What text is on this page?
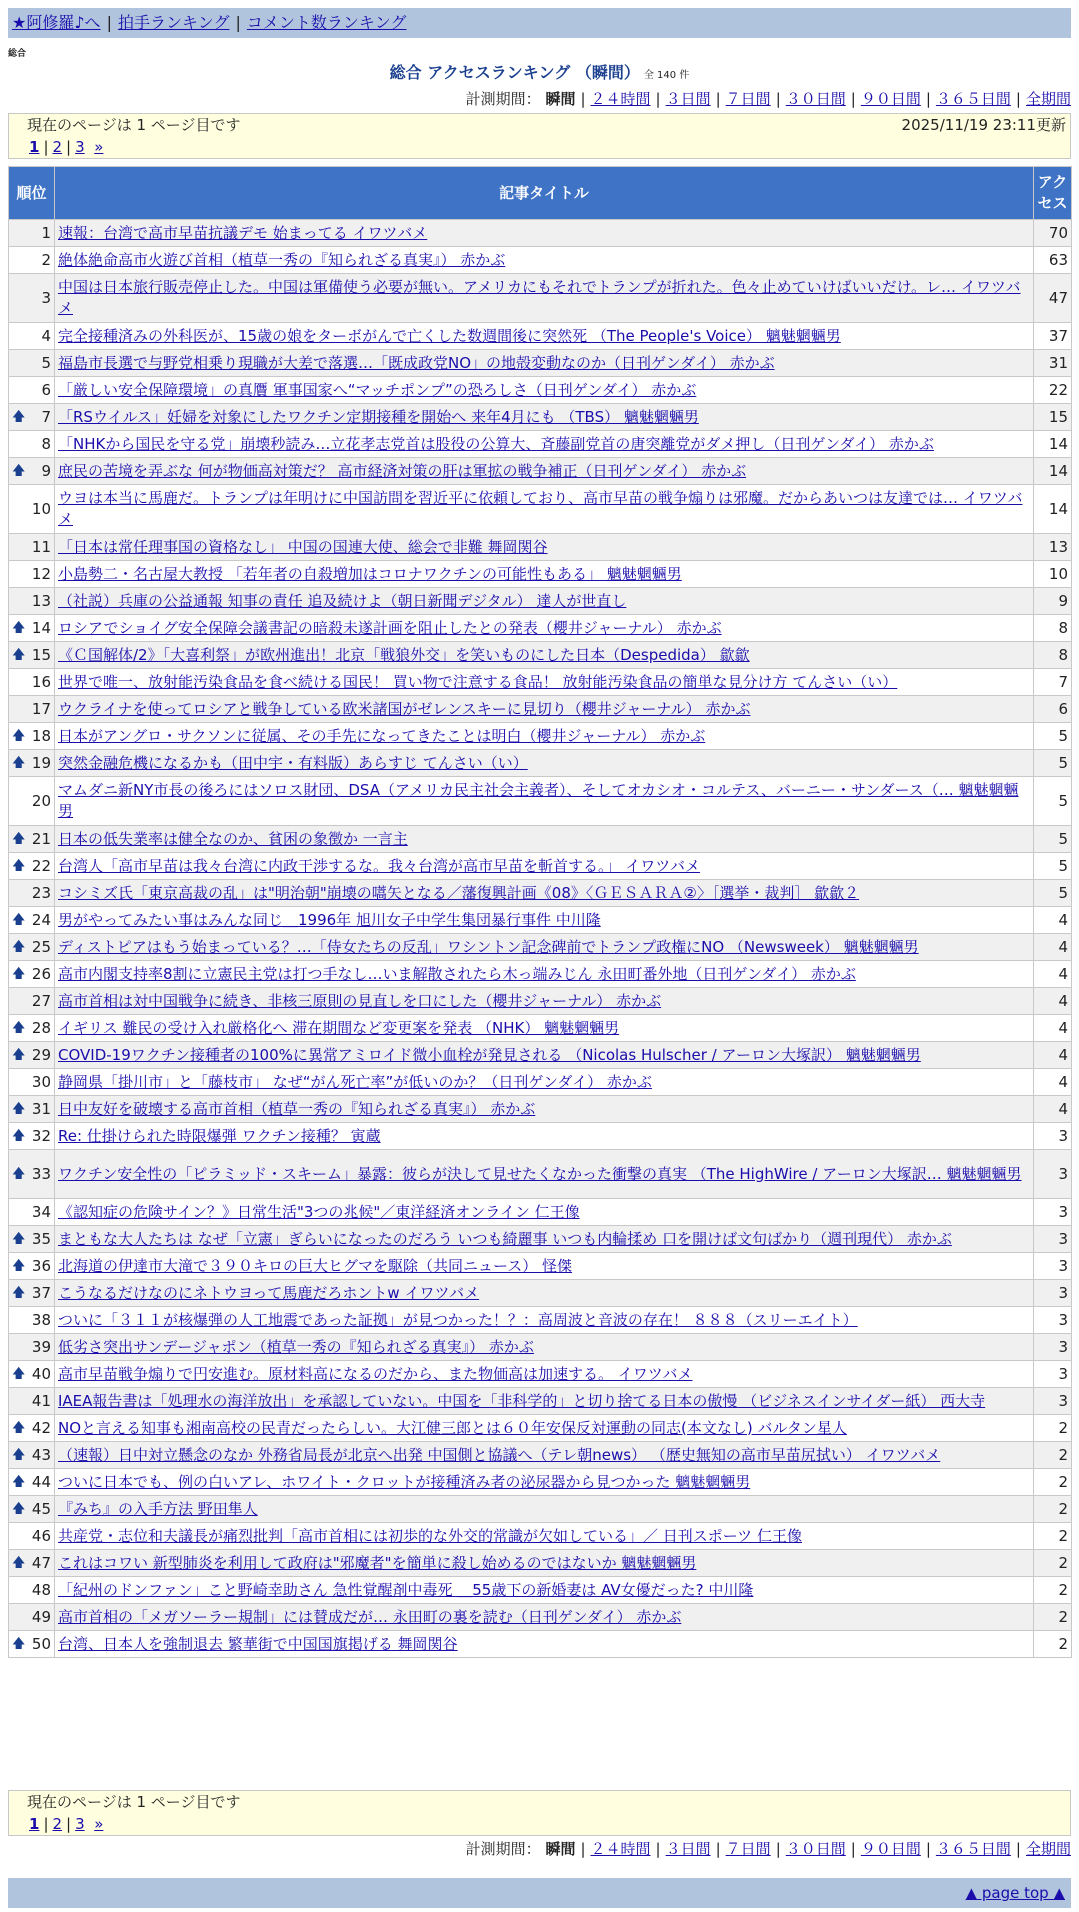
★阿修羅♪へ | 拍手ランキング | コメント数ランキング
総合
総合 アクセスランキング （瞬間） 全 140 件
計測期間： 瞬間 | ２４時間 | ３日間 | ７日間 | ３０日間 | ９０日間 | ３６５日間 | 全期間
現在のページは 1 ページ目です	2025/11/19 23:11更新
1 | 2 | 3 »
順位	記事タイトル	アクセス
1	速報：台湾で高市早苗抗議デモ 始まってる イワツバメ	70
2	絶体絶命高市火遊び首相（植草一秀の『知られざる真実』） 赤かぶ	63
3	中国は日本旅行販売停止した。中国は軍備使う必要が無い。アメリカにもそれでトランプが折れた。色々止めていけばいいだけ。レ… イワツバメ	47
4	完全接種済みの外科医が、15歳の娘をターボがんで亡くした数週間後に突然死 （The People's Voice） 魑魅魍魎男	37
5	福島市長選で与野党相乗り現職が大差で落選…「既成政党NO」の地殻変動なのか（日刊ゲンダイ） 赤かぶ	31
6	「厳しい安全保障環境」の真贋 軍事国家へ“マッチポンプ”の恐ろしさ（日刊ゲンダイ） 赤かぶ	22

🡅 7	「RSウイルス」妊婦を対象にしたワクチン定期接種を開始へ 来年4月にも （TBS） 魑魅魍魎男	15
8	「NHKから国民を守る党」崩壊秒読み…立花孝志党首は股役の公算大、斉藤副党首の唐突離党がダメ押し（日刊ゲンダイ） 赤かぶ	14

🡅 9	庶民の苦境を弄ぶな 何が物価高対策だ？ 高市経済対策の肝は軍拡の戦争補正（日刊ゲンダイ） 赤かぶ	14
10	ウヨは本当に馬鹿だ。トランプは年明けに中国訪問を習近平に依頼しており、高市早苗の戦争煽りは邪魔。だからあいつは友達では… イワツバメ	14
11	「日本は常任理事国の資格なし」 中国の国連大使、総会で非難 舞岡関谷	13
12	小島勢二・名古屋大教授 「若年者の自殺増加はコロナワクチンの可能性もある」 魑魅魍魎男	10
13	（社説）兵庫の公益通報 知事の責任 追及続けよ（朝日新聞デジタル） 達人が世直し	9

🡅 14	ロシアでショイグ安全保障会議書記の暗殺未遂計画を阻止したとの発表（櫻井ジャーナル） 赤かぶ	8

🡅 15	《Ｃ国解体/2》「大喜利祭」が欧州進出！北京「戦狼外交」を笑いものにした日本（Despedida） 歙歙	8
16	世界で唯一、放射能汚染食品を食べ続ける国民！ 買い物で注意する食品！ 放射能汚染食品の簡単な見分け方 てんさい（い）	7
17	ウクライナを使ってロシアと戦争している欧米諸国がゼレンスキーに見切り（櫻井ジャーナル） 赤かぶ	6

🡅 18	日本がアングロ・サクソンに従属、その手先になってきたことは明白（櫻井ジャーナル） 赤かぶ	5

🡅 19	突然金融危機になるかも（田中宇・有料版）あらすじ てんさい（い）	5
20	マムダニ新NY市長の後ろにはソロス財団、DSA（アメリカ民主社会主義者）、そしてオカシオ・コルテス、バーニー・サンダース（… 魑魅魍魎男	5

🡅 21	日本の低失業率は健全なのか、貧困の象徴か 一言主	5

🡅 22	台湾人「高市早苗は我々台湾に内政干渉するな。我々台湾が高市早苗を斬首する。」 イワツバメ	5
23	コシミズ氏「東京高裁の乱」は"明治朝"崩壊の嚆矢となる／藩復興計画《08》〈ＧＥＳＡＲＡ②〉［選挙・裁判］ 歙歙２	5

🡅 24	男がやってみたい事はみんな同じ＿1996年 旭川女子中学生集団暴行事件 中川隆	4

🡅 25	ディストピアはもう始まっている？…「侍女たちの反乱」ワシントン記念碑前でトランプ政権にNO （Newsweek） 魑魅魍魎男	4

🡅 26	高市内閣支持率8割に立憲民主党は打つ手なし…いま解散されたら木っ端みじん 永田町番外地（日刊ゲンダイ） 赤かぶ	4
27	高市首相は対中国戦争に続き、非核三原則の見直しを口にした（櫻井ジャーナル） 赤かぶ	4

🡅 28	イギリス 難民の受け入れ厳格化へ 滞在期間など変更案を発表 （NHK） 魑魅魍魎男	4

🡅 29	COVID-19ワクチン接種者の100%に異常アミロイド微小血栓が発見される （Nicolas Hulscher / アーロン大塚訳） 魑魅魍魎男	4
30	静岡県「掛川市」と「藤枝市」 なぜ“がん死亡率”が低いのか？（日刊ゲンダイ） 赤かぶ	4

🡅 31	日中友好を破壊する高市首相（植草一秀の『知られざる真実』） 赤かぶ	4

🡅 32	Re: 仕掛けられた時限爆弾 ワクチン接種？ 寅蔵	3

🡅 33	ワクチン安全性の「ピラミッド・スキーム」暴露：彼らが決して見せたくなかった衝撃の真実 （The HighWire / アーロン大塚訳… 魑魅魍魎男	3
34	《認知症の危険サイン？》日常生活"3つの兆候"／東洋経済オンライン 仁王像	3

🡅 35	まともな大人たちは なぜ「立憲」ぎらいになったのだろう いつも綺麗事 いつも内輪揉め 口を開けば文句ばかり（週刊現代） 赤かぶ	3

🡅 36	北海道の伊達市大滝で３９０キロの巨大ヒグマを駆除（共同ニュース） 怪傑	3

🡅 37	こうなるだけなのにネトウヨって馬鹿だろホントw イワツバメ	3
38	ついに「３１１が核爆弾の人工地震であった証拠」が見つかった！？：高周波と音波の存在！ ８８８（スリーエイト）	3
39	低劣さ突出サンデージャポン（植草一秀の『知られざる真実』） 赤かぶ	3

🡅 40	高市早苗戦争煽りで円安進む。原材料高になるのだから、また物価高は加速する。 イワツバメ	3
41	IAEA報告書は「処理水の海洋放出」を承認していない。中国を「非科学的」と切り捨てる日本の傲慢 （ビジネスインサイダー紙） 西大寺	3

🡅 42	NOと言える知事も湘南高校の民青だったらしい。大江健三郎とは６０年安保反対運動の同志(本文なし) バルタン星人	2

🡅 43	（速報）日中対立懸念のなか 外務省局長が北京へ出発 中国側と協議へ（テレ朝news） （歴史無知の高市早苗尻拭い） イワツバメ	2

🡅 44	ついに日本でも、例の白いアレ、ホワイト・クロットが接種済み者の泌尿器から見つかった 魑魅魍魎男	2

🡅 45	『みち』の入手方法 野田隼人	2
46	共産党・志位和夫議長が痛烈批判「高市首相には初歩的な外交的常識が欠如している」／ 日刊スポーツ 仁王像	2

🡅 47	これはコワい 新型肺炎を利用して政府は"邪魔者"を簡単に殺し始めるのではないか 魑魅魍魎男	2
48	「紀州のドンファン」こと野崎幸助さん 急性覚醒剤中毒死 ＿55歳下の新婚妻は AV女優だった? 中川隆	2
49	高市首相の「メガソーラー規制」には賛成だが… 永田町の裏を読む（日刊ゲンダイ） 赤かぶ	2

🡅 50	台湾、日本人を強制退去 繁華街で中国国旗掲げる 舞岡関谷	2
現在のページは 1 ページ目です
1 | 2 | 3 »
計測期間： 瞬間 | ２４時間 | ３日間 | ７日間 | ３０日間 | ９０日間 | ３６５日間 | 全期間
▲ page top ▲
